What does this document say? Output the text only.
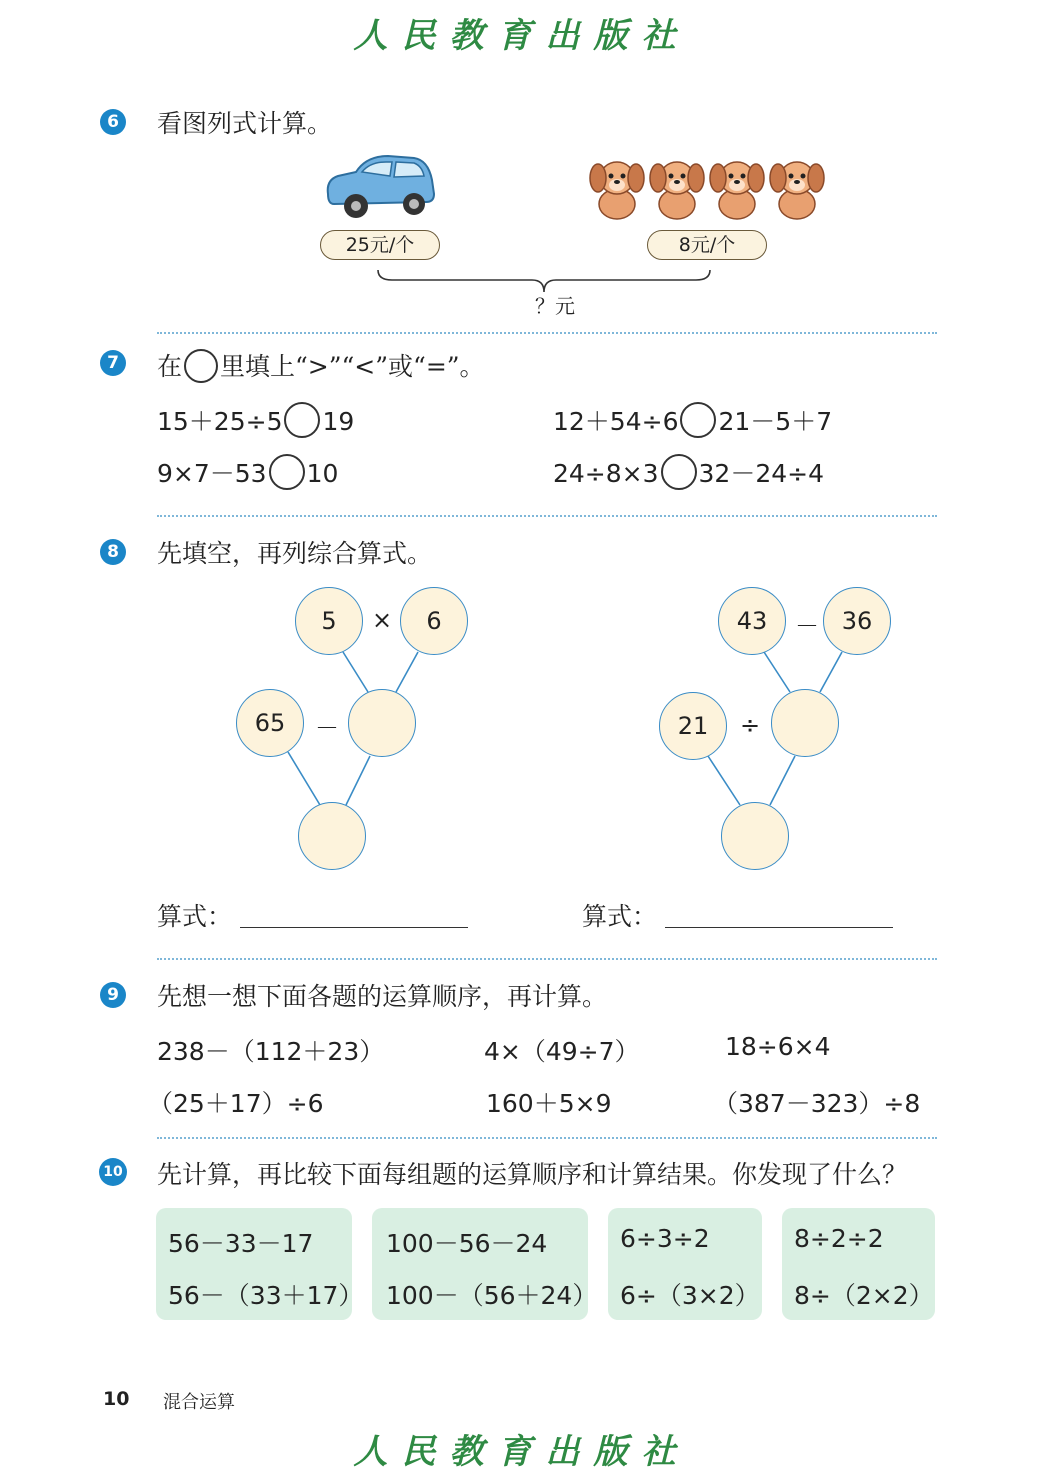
人民教育出版社
6 看图列式计算。
25元/个	8元/个
？元
7 在 里填上“>”“<”或“=”。
15＋25÷5 19	12＋54÷6 21－5＋7
9×7－53 10	24÷8×3 32－24÷4
8 先填空，再列综合算式。
5	×	6
65	－
43	－ 36
21	÷
算式：	算式：
9 先想一想下面各题的运算顺序，再计算。
238－（112＋23）	4×（49÷7）	18÷6×4
（25＋17）÷6	160＋5×9	（387－323）÷8
10 先计算，再比较下面每组题的运算顺序和计算结果。你发现了什么？
56－33－17
56－（33＋17）
100－56－24
100－（56＋24）
6÷3÷2
6÷（3×2）
8÷2÷2
8÷（2×2）
10 混合运算
人民教育出版社
